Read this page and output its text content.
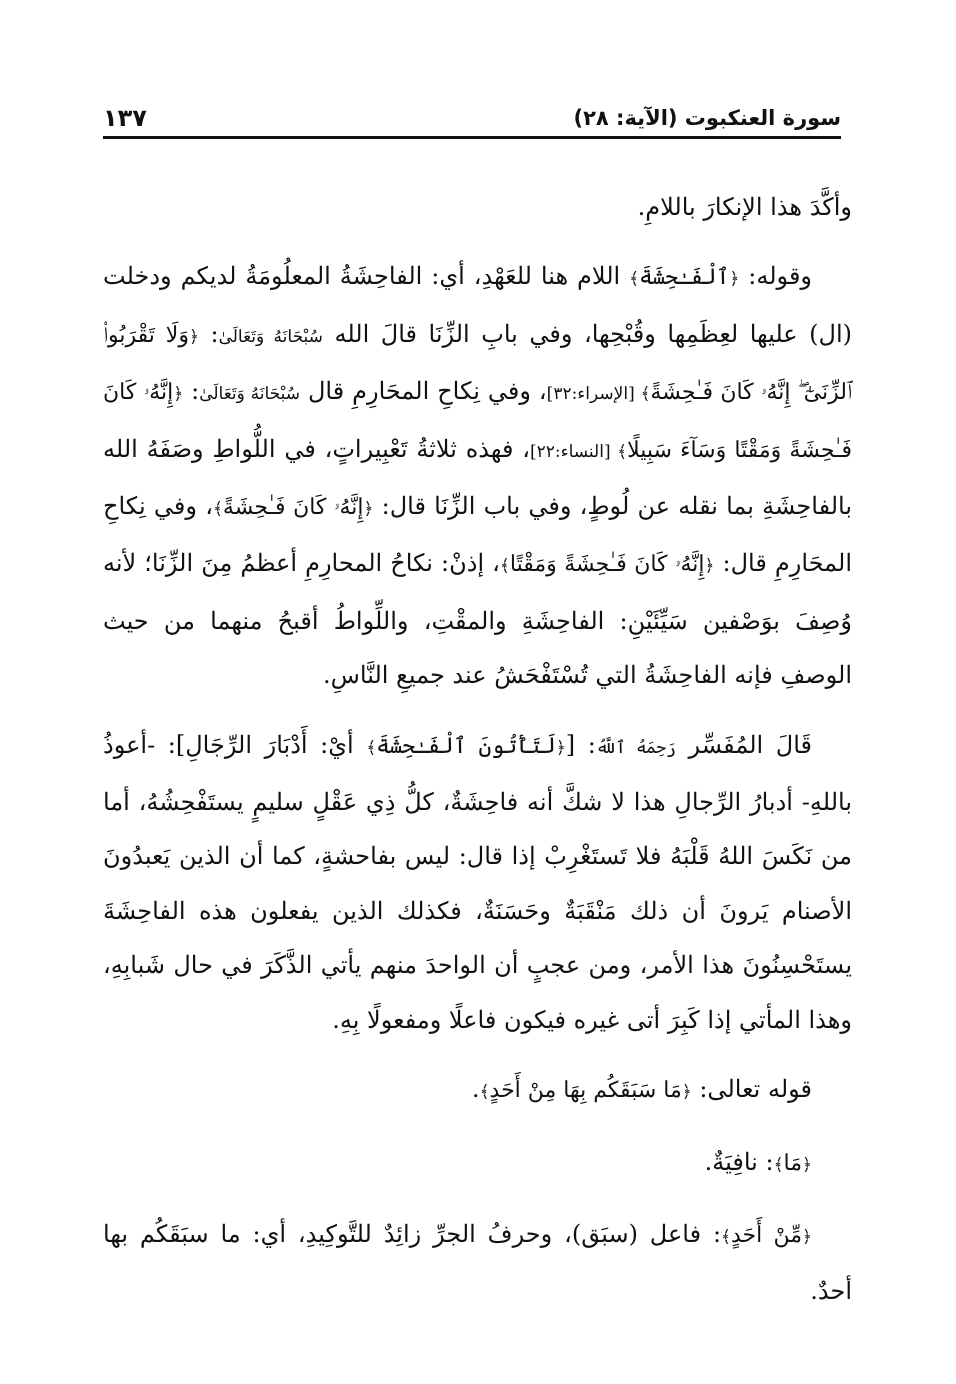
سورة العنكبوت (الآية: ٢٨)
١٣٧

وأكَّدَ هذا الإنكارَ باللامِ.

وقوله: ﴿ٱلْفَـٰحِشَةَ﴾ اللام هنا للعَهْدِ، أي: الفاحِشَةُ المعلُومَةُ لديكم ودخلت (ال) عليها لعِظَمِها وقُبْحِها، وفي بابِ الزِّنَا قالَ الله سُبْحَانَهُ وَتَعَالَىٰ: ﴿وَلَا تَقْرَبُوا۟ ٱلزِّنَىٰٓ ۖ إِنَّهُۥ كَانَ فَـٰحِشَةً﴾ [الإسراء:٣٢]، وفي نِكاحِ المحَارِمِ قال سُبْحَانَهُ وَتَعَالَىٰ: ﴿إِنَّهُۥ كَانَ فَـٰحِشَةً وَمَقْتًا وَسَآءَ سَبِيلًا﴾ [النساء:٢٢]، فهذه ثلاثةُ تَعْبِيراتٍ، في اللُّواطِ وصَفَهُ الله بالفاحِشَةِ بما نقله عن لُوطٍ، وفي باب الزِّنَا قال: ﴿إِنَّهُۥ كَانَ فَـٰحِشَةً﴾، وفي نِكاحِ المحَارِمِ قال: ﴿إِنَّهُۥ كَانَ فَـٰحِشَةً وَمَقْتًا﴾، إذنْ: نكاحُ المحارِمِ أعظمُ مِنَ الزِّنَا؛ لأنه وُصِفَ بوَصْفين سَيِّئَيْنِ: الفاحِشَةِ والمقْتِ، واللِّواطُ أقبحُ منهما من حيث الوصفِ فإنه الفاحِشَةُ التي تُسْتَفْحَشُ عند جميعِ النَّاسِ.

قَالَ المُفَسِّر رَحِمَهُ ٱللَّهُ: [﴿لَتَأْتُونَ ٱلْفَـٰحِشَةَ﴾ أيْ: أَدْبَارَ الرِّجَالِ]: -أعوذُ باللهِ- أدبارُ الرِّجالِ هذا لا شكَّ أنه فاحِشَةٌ، كلُّ ذِي عَقْلٍ سليمٍ يستَفْحِشُهُ، أما من نَكَسَ اللهُ قَلْبَهُ فلا تَستَغْرِبْ إذا قال: ليس بفاحشةٍ، كما أن الذين يَعبدُونَ الأصنام يَرونَ أن ذلك مَنْقَبَةٌ وحَسَنَةٌ، فكذلك الذين يفعلون هذه الفاحِشَةَ يستَحْسِنُونَ هذا الأمر، ومن عجبٍ أن الواحدَ منهم يأتي الذَّكَرَ في حال شَبابِهِ، وهذا المأتي إذا كَبِرَ أتى غيره فيكون فاعلًا ومفعولًا بِهِ.

قوله تعالى: ﴿مَا سَبَقَكُم بِهَا مِنْ أَحَدٍ﴾.

﴿مَا﴾: نافِيَةٌ.

﴿مِّنْ أَحَدٍ﴾: فاعل (سبَق)، وحرفُ الجرِّ زائِدٌ للتَّوكِيدِ، أي: ما سبَقَكُم بها أحدٌ.
